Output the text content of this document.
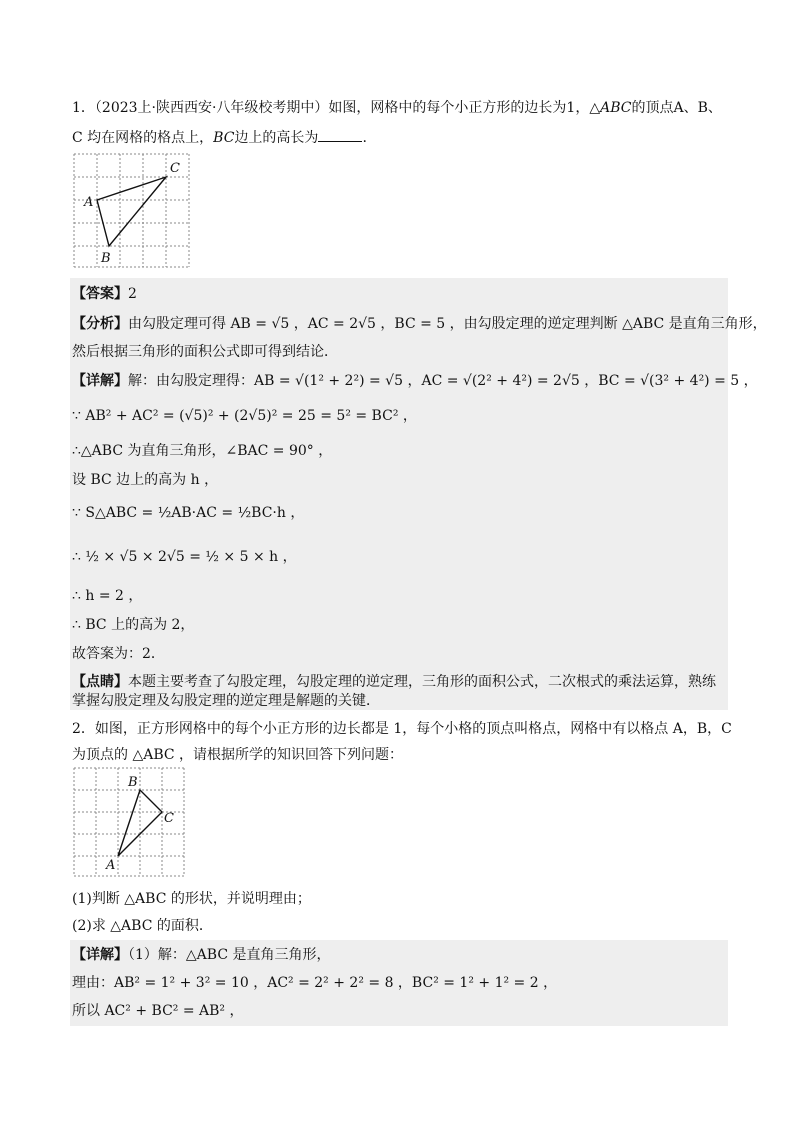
1．（2023上·陕西西安·八年级校考期中）如图，网格中的每个小正方形的边长为1，△ABC的顶点A、B、
C 均在网格的格点上，BC边上的高长为	.
A
C
B
【答案】2
【分析】由勾股定理可得 AB = √5 ，AC = 2√5 ，BC = 5 ，由勾股定理的逆定理判断 △ABC 是直角三角形，
然后根据三角形的面积公式即可得到结论．
【详解】解：由勾股定理得：AB = √(1² + 2²) = √5 ，AC = √(2² + 4²) = 2√5 ，BC = √(3² + 4²) = 5 ，
∵ AB² + AC² = (√5)² + (2√5)² = 25 = 5² = BC² ，
∴△ABC 为直角三角形，∠BAC = 90° ，
设 BC 边上的高为 h ，
∵ S△ABC = ½AB·AC = ½BC·h ，
∴ ½ × √5 × 2√5 = ½ × 5 × h ，
∴ h = 2 ，
∴ BC 上的高为 2，
故答案为：2．
【点睛】本题主要考查了勾股定理，勾股定理的逆定理，三角形的面积公式，二次根式的乘法运算，熟练
掌握勾股定理及勾股定理的逆定理是解题的关键．
2．如图，正方形网格中的每个小正方形的边长都是 1，每个小格的顶点叫格点，网格中有以格点 A，B，C
为顶点的 △ABC ，请根据所学的知识回答下列问题：
B
C
A
(1)判断 △ABC 的形状，并说明理由；
(2)求 △ABC 的面积．
【详解】（1）解：△ABC 是直角三角形，
理由：AB² = 1² + 3² = 10 ，AC² = 2² + 2² = 8 ，BC² = 1² + 1² = 2 ，
所以 AC² + BC² = AB² ，
